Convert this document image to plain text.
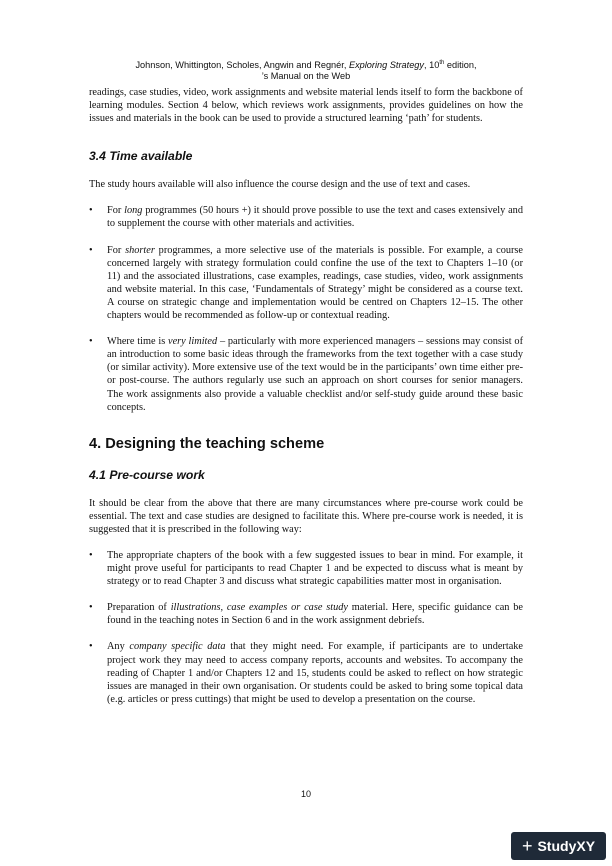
Johnson, Whittington, Scholes, Angwin and Regnér, Exploring Strategy, 10th edition,
’s Manual on the Web

readings, case studies, video, work assignments and website material lends itself to form the backbone of learning modules. Section 4 below, which reviews work assignments, provides guidelines on how the issues and materials in the book can be used to provide a structured learning ‘path’ for students.

3.4 Time available

The study hours available will also influence the course design and the use of text and cases.

• For long programmes (50 hours +) it should prove possible to use the text and cases extensively and to supplement the course with other materials and activities.

• For shorter programmes, a more selective use of the materials is possible. For example, a course concerned largely with strategy formulation could confine the use of the text to Chapters 1–10 (or 11) and the associated illustrations, case examples, readings, case studies, video, work assignments and website material. In this case, ‘Fundamentals of Strategy’ might be considered as a course text. A course on strategic change and implementation would be centred on Chapters 12–15. The other chapters would be recommended as follow-up or contextual reading.

• Where time is very limited – particularly with more experienced managers – sessions may consist of an introduction to some basic ideas through the frameworks from the text together with a case study (or similar activity). More extensive use of the text would be in the participants’ own time either pre- or post-course. The authors regularly use such an approach on short courses for senior managers. The work assignments also provide a valuable checklist and/or self-study guide around these basic concepts.

4. Designing the teaching scheme
4.1 Pre-course work

It should be clear from the above that there are many circumstances where pre-course work could be essential. The text and case studies are designed to facilitate this. Where pre-course work is needed, it is suggested that it is prescribed in the following way:

• The appropriate chapters of the book with a few suggested issues to bear in mind. For example, it might prove useful for participants to read Chapter 1 and be expected to discuss what is meant by strategy or to read Chapter 3 and discuss what strategic capabilities matter most in organisation.

• Preparation of illustrations, case examples or case study material. Here, specific guidance can be found in the teaching notes in Section 6 and in the work assignment debriefs.

• Any company specific data that they might need. For example, if participants are to undertake project work they may need to access company reports, accounts and websites. To accompany the reading of Chapter 1 and/or Chapters 12 and 15, students could be asked to reflect on how strategic issues are managed in their own organisation. Or students could be asked to bring some topical data (e.g. articles or press cuttings) that might be used to develop a presentation on the course.

10
+ StudyXY
